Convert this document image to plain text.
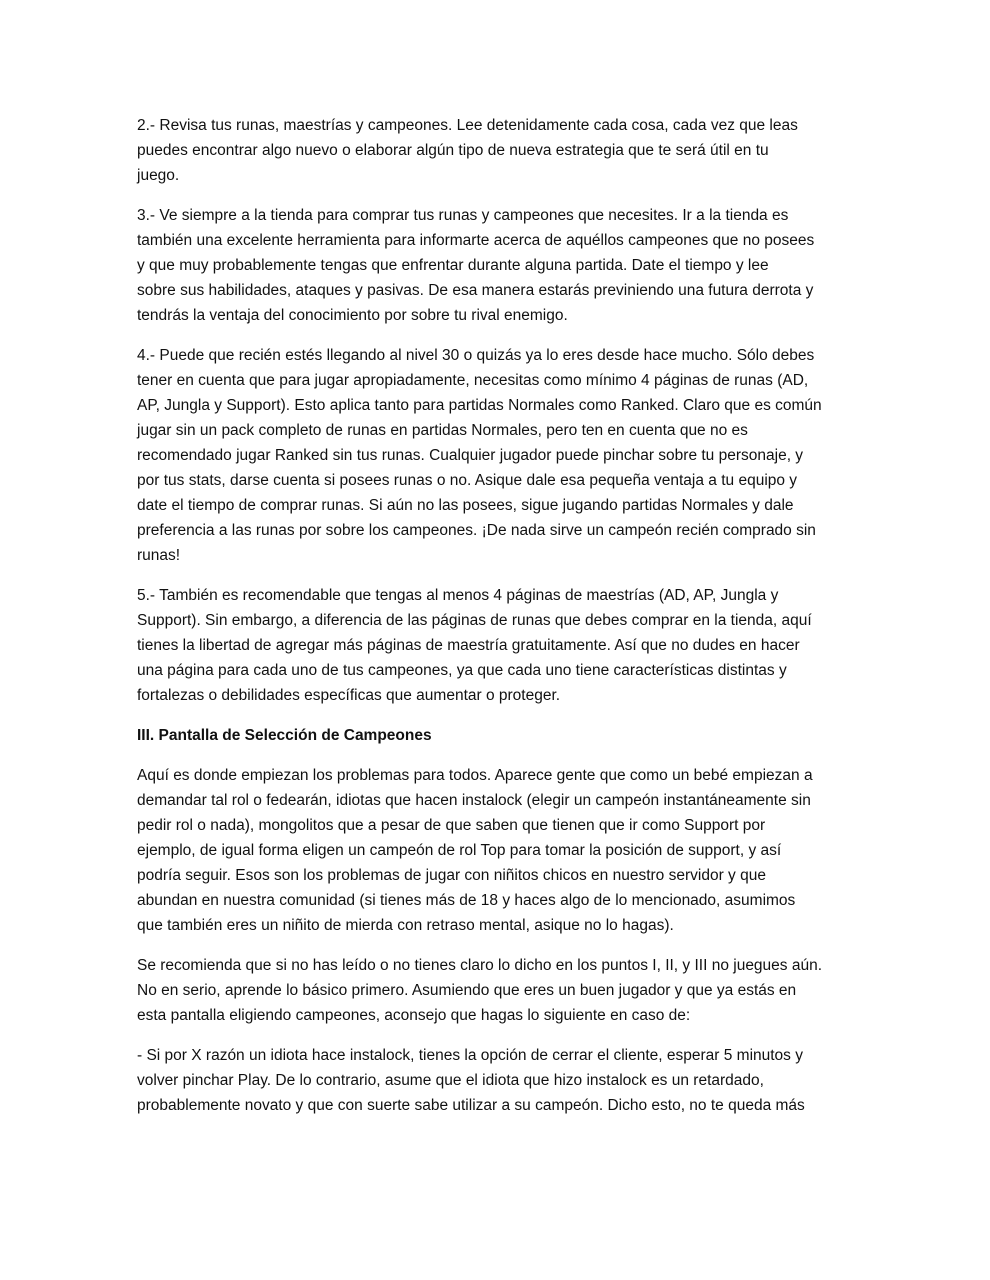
2.- Revisa tus runas, maestrías y campeones. Lee detenidamente cada cosa, cada vez que leas
puedes encontrar algo nuevo o elaborar algún tipo de nueva estrategia que te será útil en tu
juego.

3.- Ve siempre a la tienda para comprar tus runas y campeones que necesites. Ir a la tienda es
también una excelente herramienta para informarte acerca de aquéllos campeones que no posees
y que muy probablemente tengas que enfrentar durante alguna partida. Date el tiempo y lee
sobre sus habilidades, ataques y pasivas. De esa manera estarás previniendo una futura derrota y
tendrás la ventaja del conocimiento por sobre tu rival enemigo.

4.- Puede que recién estés llegando al nivel 30 o quizás ya lo eres desde hace mucho. Sólo debes
tener en cuenta que para jugar apropiadamente, necesitas como mínimo 4 páginas de runas (AD,
AP, Jungla y Support). Esto aplica tanto para partidas Normales como Ranked. Claro que es común
jugar sin un pack completo de runas en partidas Normales, pero ten en cuenta que no es
recomendado jugar Ranked sin tus runas. Cualquier jugador puede pinchar sobre tu personaje, y
por tus stats, darse cuenta si posees runas o no. Asique dale esa pequeña ventaja a tu equipo y
date el tiempo de comprar runas. Si aún no las posees, sigue jugando partidas Normales y dale
preferencia a las runas por sobre los campeones. ¡De nada sirve un campeón recién comprado sin
runas!

5.- También es recomendable que tengas al menos 4 páginas de maestrías (AD, AP, Jungla y
Support). Sin embargo, a diferencia de las páginas de runas que debes comprar en la tienda, aquí
tienes la libertad de agregar más páginas de maestría gratuitamente. Así que no dudes en hacer
una página para cada uno de tus campeones, ya que cada uno tiene características distintas y
fortalezas o debilidades específicas que aumentar o proteger.

III. Pantalla de Selección de Campeones

Aquí es donde empiezan los problemas para todos. Aparece gente que como un bebé empiezan a
demandar tal rol o fedearán, idiotas que hacen instalock (elegir un campeón instantáneamente sin
pedir rol o nada), mongolitos que a pesar de que saben que tienen que ir como Support por
ejemplo, de igual forma eligen un campeón de rol Top para tomar la posición de support, y así
podría seguir. Esos son los problemas de jugar con niñitos chicos en nuestro servidor y que
abundan en nuestra comunidad (si tienes más de 18 y haces algo de lo mencionado, asumimos
que también eres un niñito de mierda con retraso mental, asique no lo hagas).

Se recomienda que si no has leído o no tienes claro lo dicho en los puntos I, II, y III no juegues aún.
No en serio, aprende lo básico primero. Asumiendo que eres un buen jugador y que ya estás en
esta pantalla eligiendo campeones, aconsejo que hagas lo siguiente en caso de:

- Si por X razón un idiota hace instalock, tienes la opción de cerrar el cliente, esperar 5 minutos y
volver pinchar Play. De lo contrario, asume que el idiota que hizo instalock es un retardado,
probablemente novato y que con suerte sabe utilizar a su campeón. Dicho esto, no te queda más
